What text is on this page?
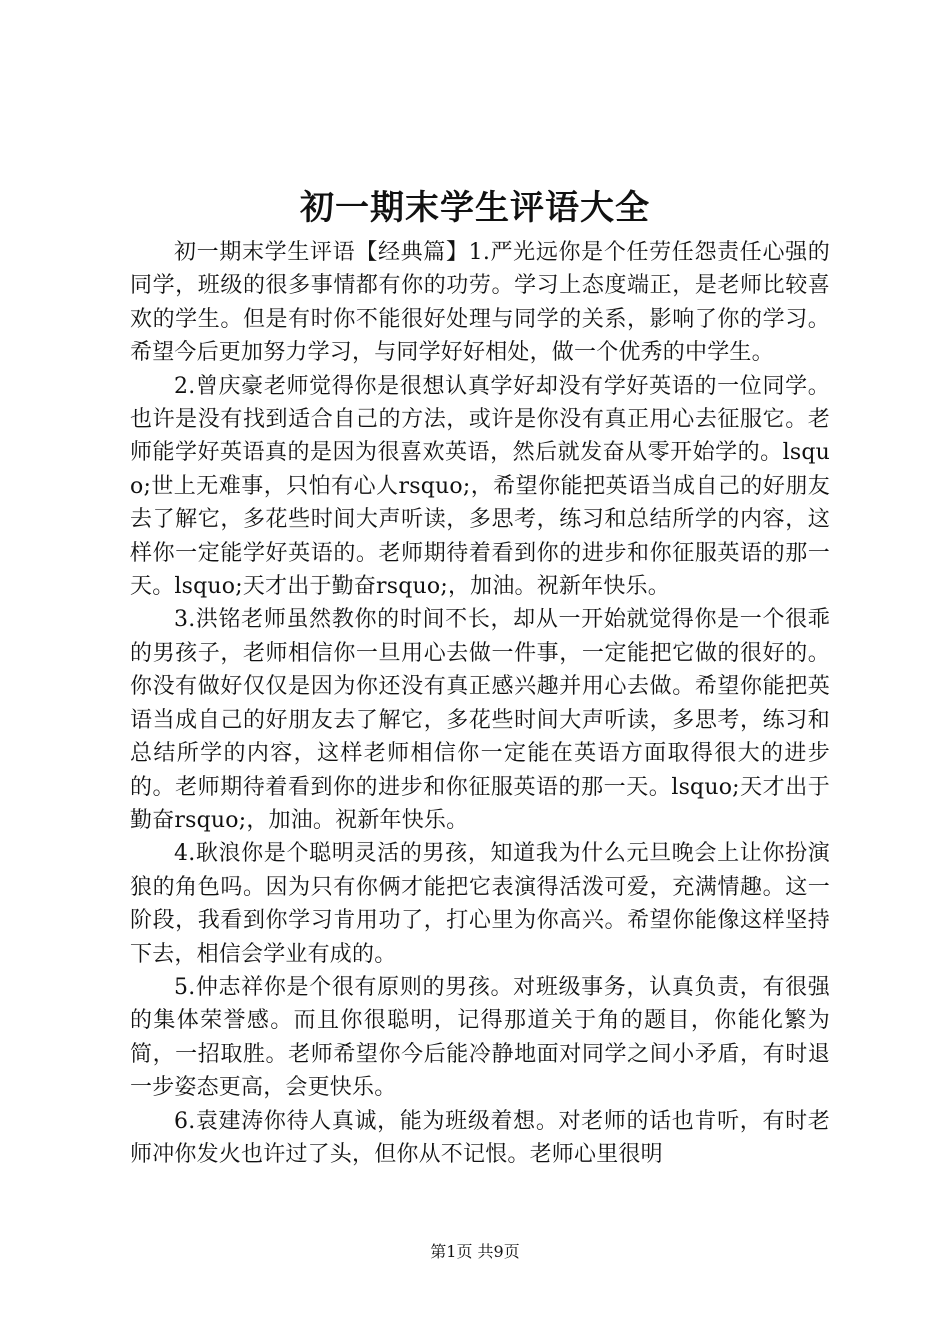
初一期末学生评语大全

初一期末学生评语【经典篇】1.严光远你是个任劳任怨责任心强的同学，班级的很多事情都有你的功劳。学习上态度端正，是老师比较喜欢的学生。但是有时你不能很好处理与同学的关系，影响了你的学习。希望今后更加努力学习，与同学好好相处，做一个优秀的中学生。

2.曾庆豪老师觉得你是很想认真学好却没有学好英语的一位同学。也许是没有找到适合自己的方法，或许是你没有真正用心去征服它。老师能学好英语真的是因为很喜欢英语，然后就发奋从零开始学的。lsquo;世上无难事，只怕有心人rsquo;，希望你能把英语当成自己的好朋友去了解它，多花些时间大声听读，多思考，练习和总结所学的内容，这样你一定能学好英语的。老师期待着看到你的进步和你征服英语的那一天。lsquo;天才出于勤奋rsquo;，加油。祝新年快乐。

3.洪铭老师虽然教你的时间不长，却从一开始就觉得你是一个很乖的男孩子，老师相信你一旦用心去做一件事，一定能把它做的很好的。你没有做好仅仅是因为你还没有真正感兴趣并用心去做。希望你能把英语当成自己的好朋友去了解它，多花些时间大声听读，多思考，练习和总结所学的内容，这样老师相信你一定能在英语方面取得很大的进步的。老师期待着看到你的进步和你征服英语的那一天。lsquo;天才出于勤奋rsquo;，加油。祝新年快乐。

4.耿浪你是个聪明灵活的男孩，知道我为什么元旦晚会上让你扮演狼的角色吗。因为只有你俩才能把它表演得活泼可爱，充满情趣。这一阶段，我看到你学习肯用功了，打心里为你高兴。希望你能像这样坚持下去，相信会学业有成的。

5.仲志祥你是个很有原则的男孩。对班级事务，认真负责，有很强的集体荣誉感。而且你很聪明，记得那道关于角的题目，你能化繁为简，一招取胜。老师希望你今后能冷静地面对同学之间小矛盾，有时退一步姿态更高，会更快乐。

6.袁建涛你待人真诚，能为班级着想。对老师的话也肯听，有时老师冲你发火也许过了头，但你从不记恨。老师心里很明

第1页 共9页
